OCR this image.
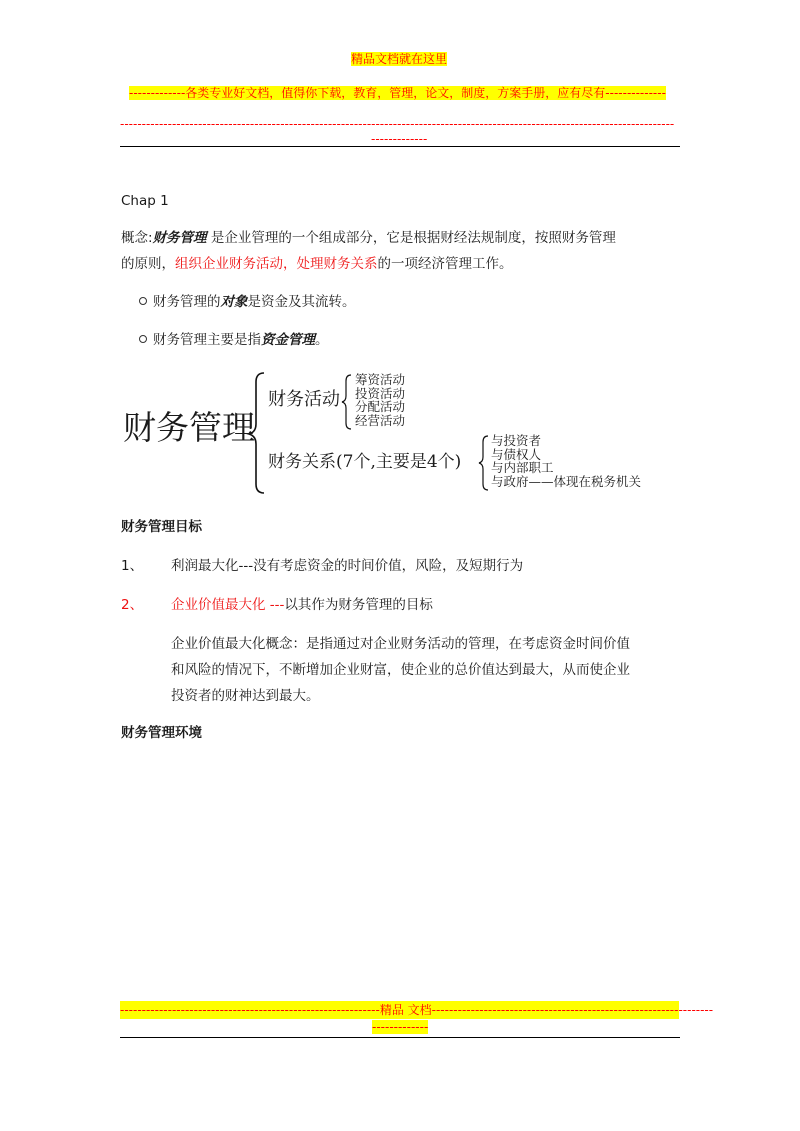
精品文档就在这里
-------------各类专业好文档，值得你下载，教育，管理，论文，制度，方案手册，应有尽有--------------
--------------------------------------------------------------------------------------------------------------------------------
-------------
Chap 1
概念:财务管理 是企业管理的一个组成部分，它是根据财经法规制度，按照财务管理
的原则，组织企业财务活动，处理财务关系的一项经济管理工作。
财务管理的对象是资金及其流转。
财务管理主要是指资金管理。
财务管理
财务活动
筹资活动
投资活动
分配活动
经营活动
财务关系(7个,主要是4个)
与投资者
与债权人
与内部职工
与政府——体现在税务机关
财务管理目标
1、 利润最大化---没有考虑资金的时间价值，风险，及短期行为
2、 企业价值最大化 ---以其作为财务管理的目标
企业价值最大化概念：是指通过对企业财务活动的管理，在考虑资金时间价值
和风险的情况下，不断增加企业财富，使企业的总价值达到最大，从而使企业
投资者的财神达到最大。
财务管理环境
------------------------------------------------------------精品 文档-----------------------------------------------------------------
-------------
